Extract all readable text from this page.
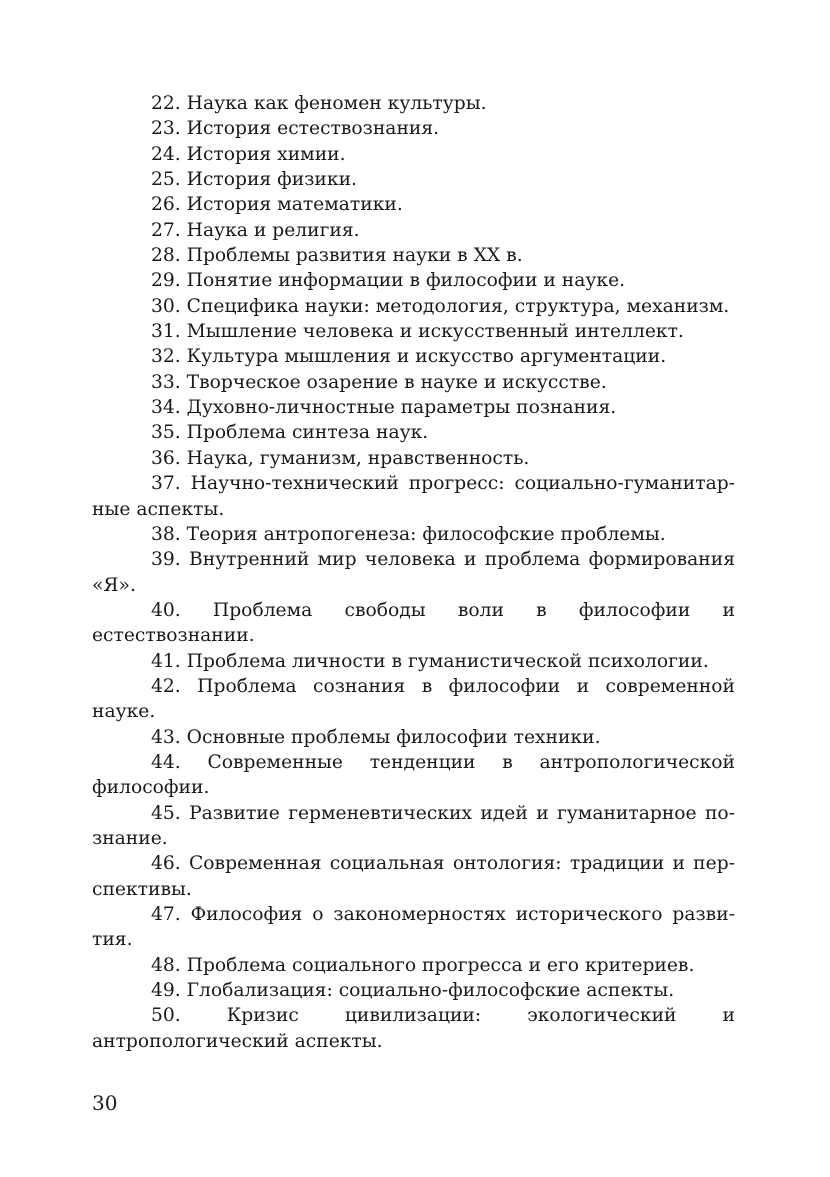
22. Наука как феномен культуры.
23. История естествознания.
24. История химии.
25. История физики.
26. История математики.
27. Наука и религия.
28. Проблемы развития науки в XX в.
29. Понятие информации в философии и науке.
30. Специфика науки: методология, структура, механизм.
31. Мышление человека и искусственный интеллект.
32. Культура мышления и искусство аргументации.
33. Творческое озарение в науке и искусстве.
34. Духовно-личностные параметры познания.
35. Проблема синтеза наук.
36. Наука, гуманизм, нравственность.
37. Научно-технический прогресс: социально-гуманитарные аспекты.
38. Теория антропогенеза: философские проблемы.
39. Внутренний мир человека и проблема формирования «Я».
40. Проблема свободы воли в философии и естествознании.
41. Проблема личности в гуманистической психологии.
42. Проблема сознания в философии и современной науке.
43. Основные проблемы философии техники.
44. Современные тенденции в антропологической философии.
45. Развитие герменевтических идей и гуманитарное познание.
46. Современная социальная онтология: традиции и перспективы.
47. Философия о закономерностях исторического развития.
48. Проблема социального прогресса и его критериев.
49. Глобализация: социально-философские аспекты.
50. Кризис цивилизации: экологический и антропологический аспекты.
30
